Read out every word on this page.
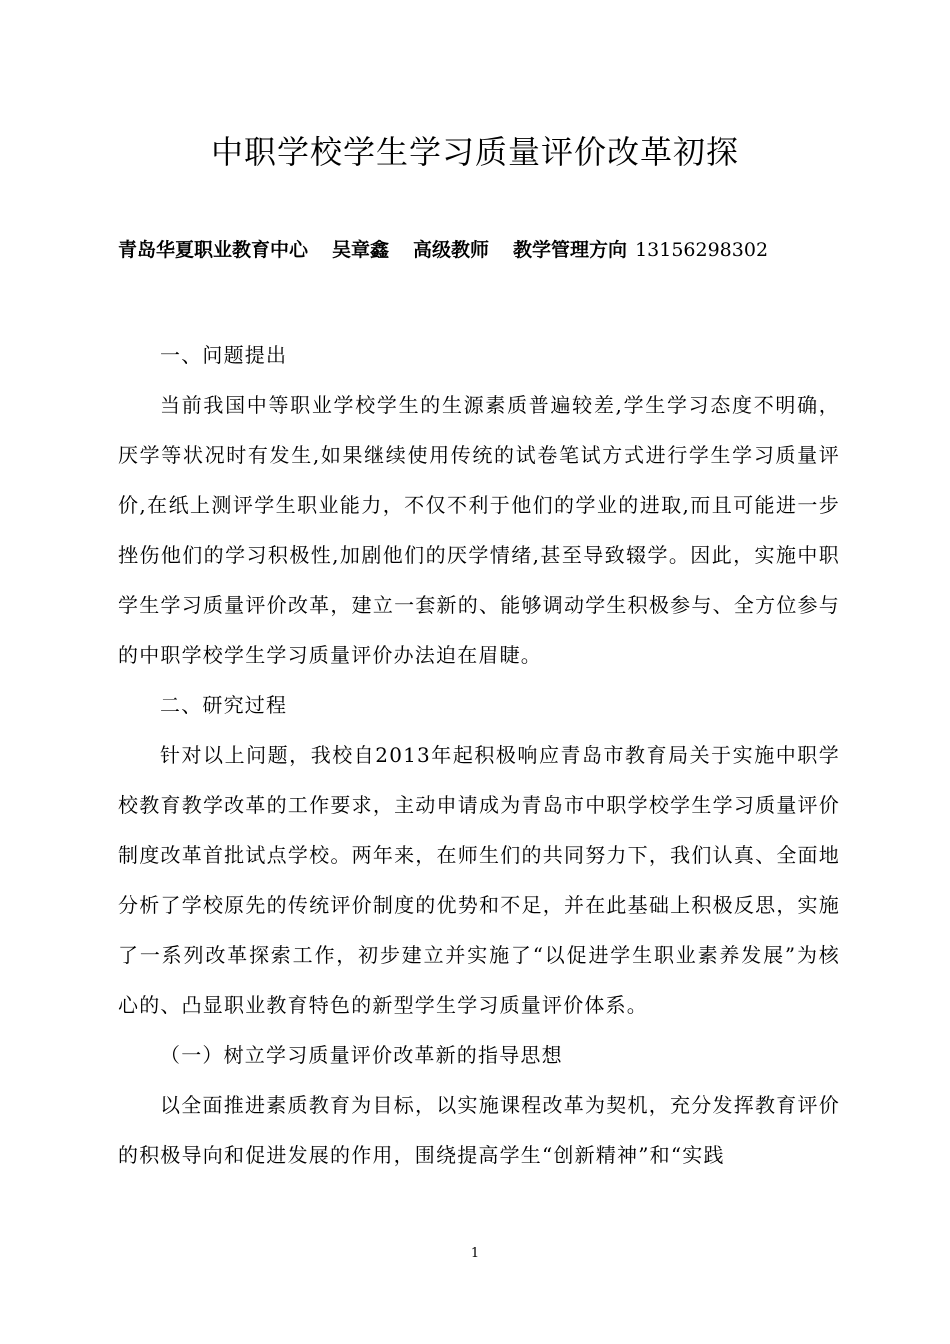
中职学校学生学习质量评价改革初探
青岛华夏职业教育中心 吴章鑫 高级教师 教学管理方向 13156298302

一、问题提出

当前我国中等职业学校学生的生源素质普遍较差,学生学习态度不明确，厌学等状况时有发生,如果继续使用传统的试卷笔试方式进行学生学习质量评价,在纸上测评学生职业能力，不仅不利于他们的学业的进取,而且可能进一步挫伤他们的学习积极性,加剧他们的厌学情绪,甚至导致辍学。因此，实施中职学生学习质量评价改革，建立一套新的、能够调动学生积极参与、全方位参与的中职学校学生学习质量评价办法迫在眉睫。

二、研究过程

针对以上问题，我校自2013年起积极响应青岛市教育局关于实施中职学校教育教学改革的工作要求，主动申请成为青岛市中职学校学生学习质量评价制度改革首批试点学校。两年来，在师生们的共同努力下，我们认真、全面地分析了学校原先的传统评价制度的优势和不足，并在此基础上积极反思，实施了一系列改革探索工作，初步建立并实施了“以促进学生职业素养发展”为核心的、凸显职业教育特色的新型学生学习质量评价体系。

（一）树立学习质量评价改革新的指导思想

以全面推进素质教育为目标，以实施课程改革为契机，充分发挥教育评价的积极导向和促进发展的作用，围绕提高学生“创新精神”和“实践

1
